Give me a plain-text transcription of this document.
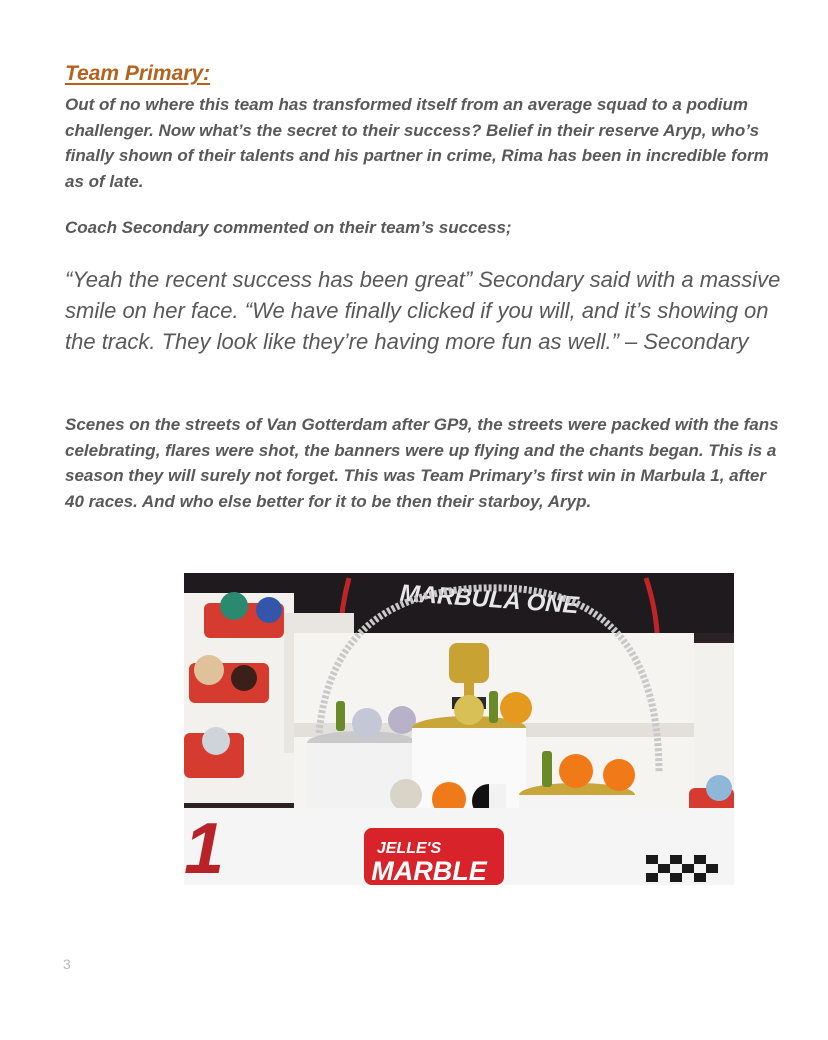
Team Primary:

Out of no where this team has transformed itself from an average squad to a podium challenger. Now what’s the secret to their success? Belief in their reserve Aryp, who’s finally shown of their talents and his partner in crime, Rima has been in incredible form as of late.

Coach Secondary commented on their team’s success;

“Yeah the recent success has been great” Secondary said with a massive smile on her face. “We have finally clicked if you will, and it’s showing on the track. They look like they’re having more fun as well.” – Secondary

Scenes on the streets of Van Gotterdam after GP9, the streets were packed with the fans celebrating, flares were shot, the banners were up flying and the chants began. This is a season they will surely not forget. This was Team Primary’s first win in Marbula 1, after 40 races. And who else better for it to be then their starboy, Aryp.

MARBULA ONE
1	JELLE'S
MARBLE
3
